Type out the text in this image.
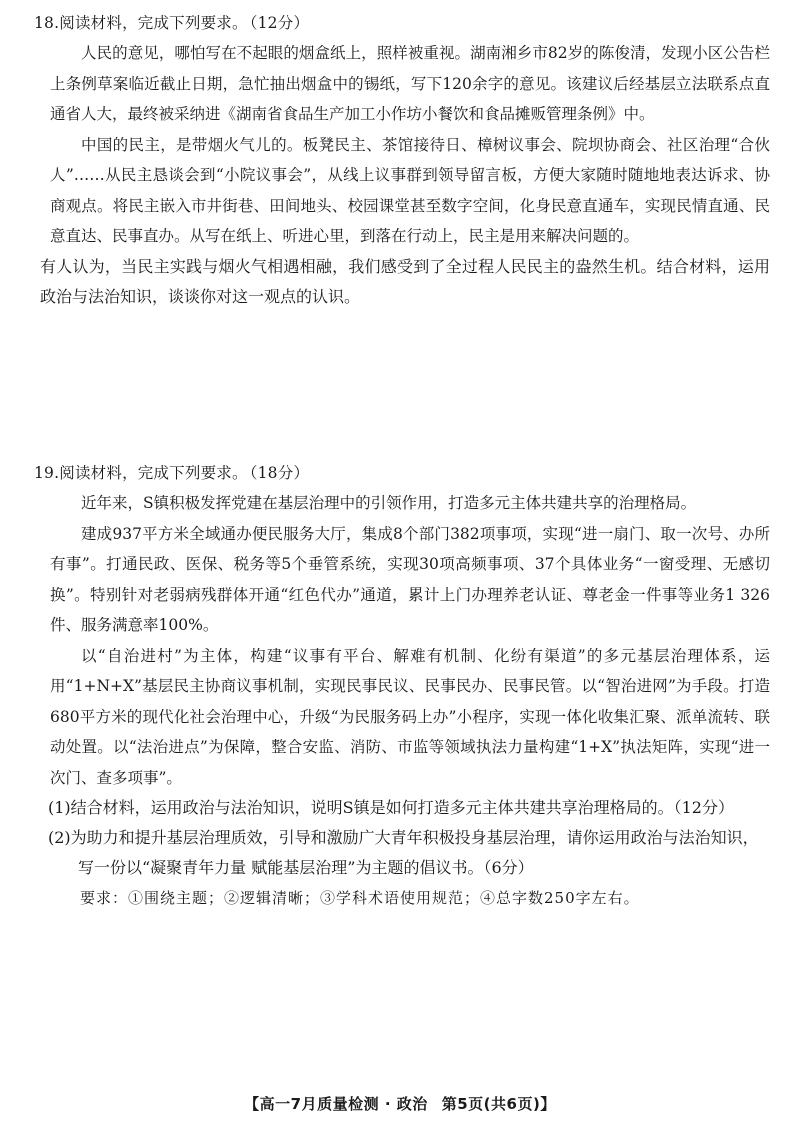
18.阅读材料，完成下列要求。 （12分）

人民的意见，哪怕写在不起眼的烟盒纸上，照样被重视。湖南湘乡市82岁的陈俊清，发现小区公告栏上条例草案临近截止日期，急忙抽出烟盒中的锡纸，写下120余字的意见。该建议后经基层立法联系点直通省人大，最终被采纳进《湖南省食品生产加工小作坊小餐饮和食品摊贩管理条例》中。

中国的民主，是带烟火气儿的。板凳民主、茶馆接待日、樟树议事会、院坝协商会、社区治理“合伙人”……从民主恳谈会到“小院议事会”，从线上议事群到领导留言板，方便大家随时随地地表达诉求、协商观点。将民主嵌入市井街巷、田间地头、校园课堂甚至数字空间，化身民意直通车，实现民情直通、民意直达、民事直办。从写在纸上、听进心里，到落在行动上，民主是用来解决问题的。

有人认为，当民主实践与烟火气相遇相融，我们感受到了全过程人民民主的盎然生机。结合材料，运用政治与法治知识，谈谈你对这一观点的认识。

19.阅读材料，完成下列要求。 （18分）

近年来，S镇积极发挥党建在基层治理中的引领作用，打造多元主体共建共享的治理格局。

建成937平方米全域通办便民服务大厅，集成8个部门382项事项，实现“进一扇门、取一次号、办所有事”。打通民政、医保、税务等5个垂管系统，实现30项高频事项、37个具体业务“一窗受理、无感切换”。特别针对老弱病残群体开通“红色代办”通道，累计上门办理养老认证、尊老金一件事等业务1 326件、服务满意率100%。

以“自治进村”为主体，构建“议事有平台、解难有机制、化纷有渠道”的多元基层治理体系，运用“1+N+X”基层民主协商议事机制，实现民事民议、民事民办、民事民管。以“智治进网”为手段。打造680平方米的现代化社会治理中心，升级“为民服务码上办”小程序，实现一体化收集汇聚、派单流转、联动处置。以“法治进点”为保障，整合安监、消防、市监等领域执法力量构建“1+X”执法矩阵，实现“进一次门、查多项事”。

(1)结合材料，运用政治与法治知识，说明S镇是如何打造多元主体共建共享治理格局的。（12分）

(2)为助力和提升基层治理质效，引导和激励广大青年积极投身基层治理，请你运用政治与法治知识，

写一份以“凝聚青年力量 赋能基层治理”为主题的倡议书。（6分）

要求：①围绕主题；②逻辑清晰；③学科术语使用规范；④总字数250字左右。

【高一7月质量检测 · 政治 第5页(共6页)】
